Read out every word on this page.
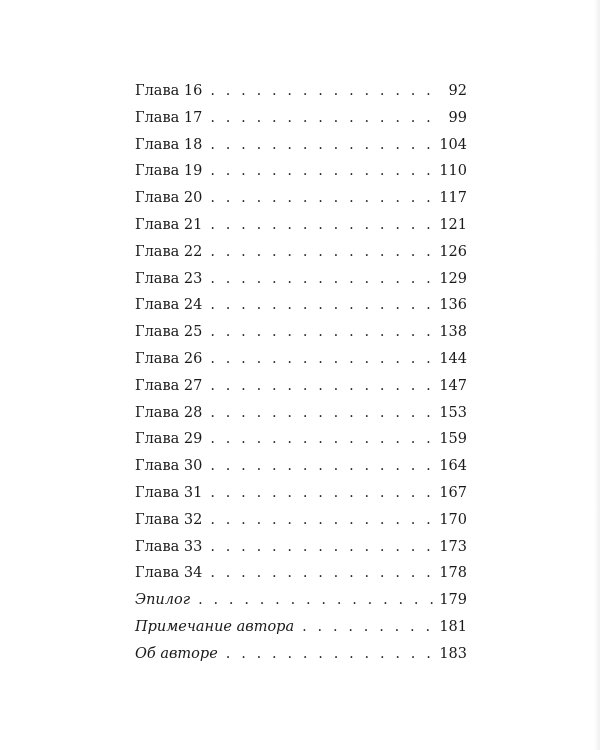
Глава 16 . . .	92
Глава 17 . . .	99
Глава 18 . . .	104
Глава 19 . . .	110
Глава 20 . . .	117
Глава 21 . . .	121
Глава 22 . . .	126
Глава 23 . . .	129
Глава 24 . . .	136
Глава 25 . . .	138
Глава 26 . . .	144
Глава 27 . . .	147
Глава 28 . . .	153
Глава 29 . . .	159
Глава 30 . . .	164
Глава 31 . . .	167
Глава 32 . . .	170
Глава 33 . . .	173
Глава 34 . . .	178
Эпилог . . .	179
Примечание автора . . .	181
Об авторе . . .	183
